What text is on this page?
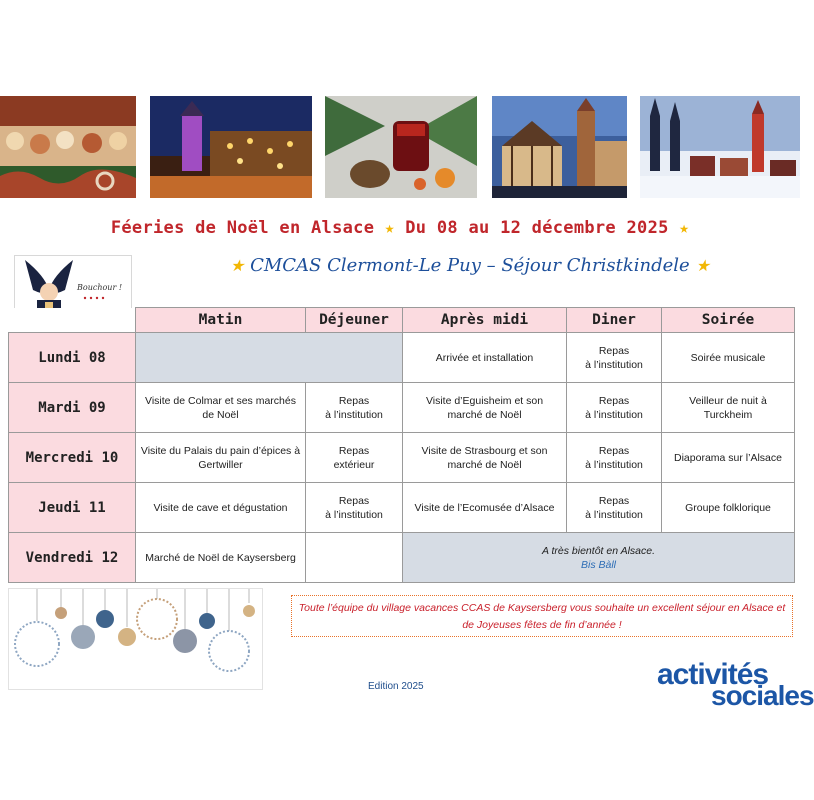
Féeries de Noël en Alsace ★ Du 08 au 12 décembre 2025 ★
★ CMCAS Clermont-Le Puy – Séjour Christkindele ★
Bouchour !
	Matin	Déjeuner	Après midi	Diner	Soirée
Lundi 08			Arrivée et installation	Repas
à l’institution	Soirée musicale
Mardi 09	Visite de Colmar et ses marchés de Noël	Repas
à l’institution	Visite d’Eguisheim et son marché de Noël	Repas
à l’institution	Veilleur de nuit à Turckheim
Mercredi 10	Visite du Palais du pain d’épices à Gertwiller	Repas
extérieur	Visite de Strasbourg et son marché de Noël	Repas
à l’institution	Diaporama sur l’Alsace
Jeudi 11	Visite de cave et dégustation	Repas
à l’institution	Visite de l’Ecomusée d’Alsace	Repas
à l’institution	Groupe folklorique
Vendredi 12	Marché de Noël de Kaysersberg		A très bientôt en Alsace.
Bis Bàll		
Toute l’équipe du village vacances CCAS de Kaysersberg vous souhaite un excellent séjour en Alsace et de Joyeuses fêtes de fin d’année !
Edition 2025	activités
sociales
